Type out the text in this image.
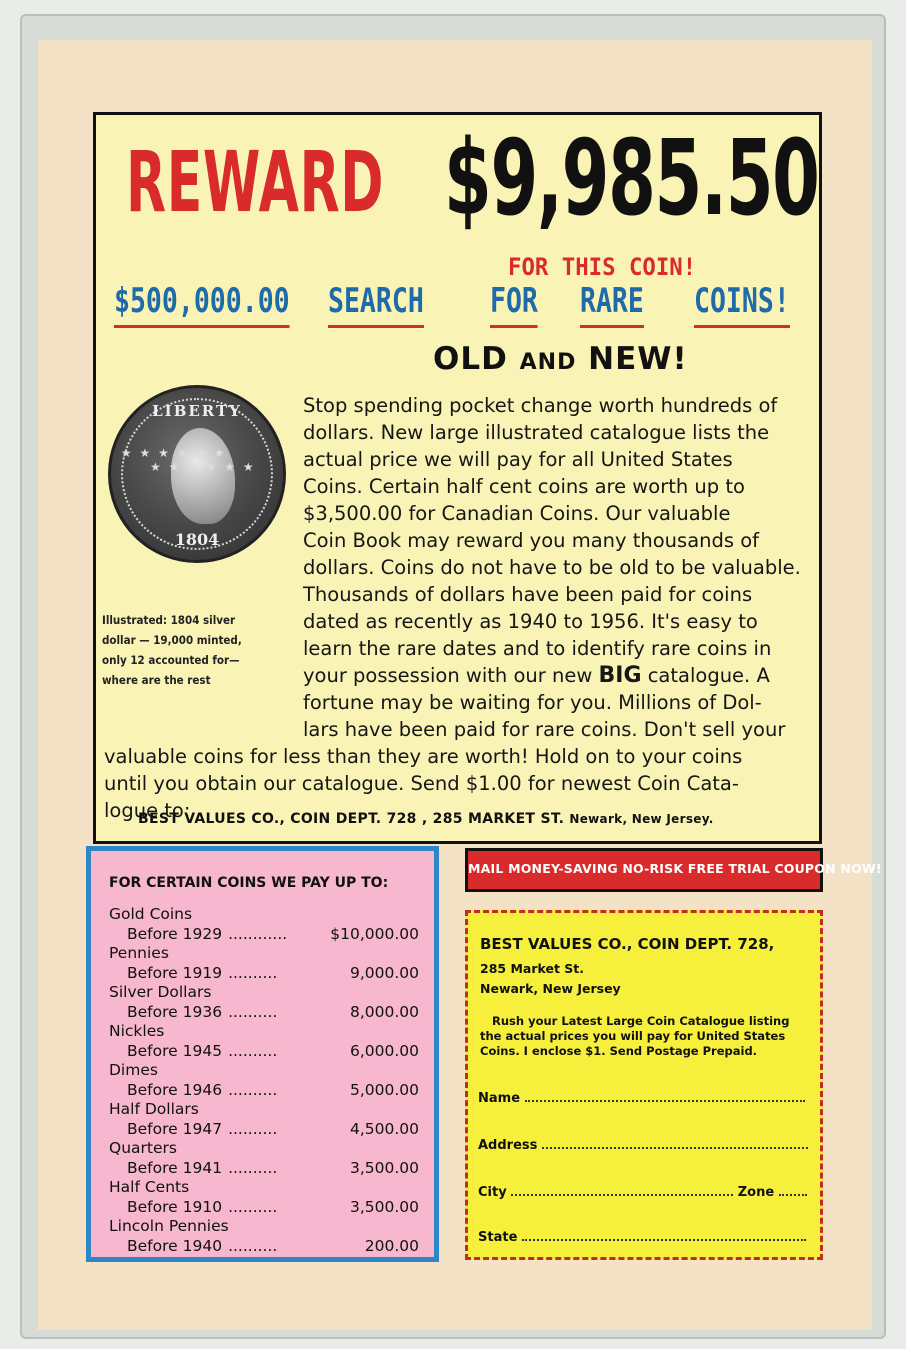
REWARD $9,985.50
FOR THIS COIN!
$500,000.00 SEARCH FOR RARE COINS!
OLD AND NEW!
LIBERTY
★ ★ ★ ★ ★ ★           ★ ★ ★ ★ ★ ★
1804
Illustrated: 1804 silver
dollar — 19,000 minted,
only 12 accounted for—
where are the rest
Stop spending pocket change worth hundreds of
dollars. New large illustrated catalogue lists the
actual price we will pay for all United States
Coins. Certain half cent coins are worth up to
$3,500.00 for Canadian Coins. Our valuable
Coin Book may reward you many thousands of
dollars. Coins do not have to be old to be valuable.
Thousands of dollars have been paid for coins
dated as recently as 1940 to 1956. It's easy to
learn the rare dates and to identify rare coins in
your possession with our new BIG catalogue. A
fortune may be waiting for you. Millions of Dol-
lars have been paid for rare coins. Don't sell your
valuable coins for less than they are worth! Hold on to your coins
until you obtain our catalogue. Send $1.00 for newest Coin Cata-
logue to:
BEST VALUES CO., COIN DEPT. 728 , 285 MARKET ST. Newark, New Jersey.
FOR CERTAIN COINS WE PAY UP TO:
Gold Coins
Before 1929 ............	$10,000.00
Pennies
Before 1919 ..........	9,000.00
Silver Dollars
Before 1936 ..........	8,000.00
Nickles
Before 1945 ..........	6,000.00
Dimes
Before 1946 ..........	5,000.00
Half Dollars
Before 1947 ..........	4,500.00
Quarters
Before 1941 ..........	3,500.00
Half Cents
Before 1910 ..........	3,500.00
Lincoln Pennies
Before 1940 ..........	200.00
MAIL MONEY-SAVING NO-RISK FREE TRIAL COUPON NOW!
BEST VALUES CO., COIN DEPT. 728,
285 Market St.
Newark, New Jersey
Rush your Latest Large Coin Catalogue listing
the actual prices you will pay for United States
Coins. I enclose $1. Send Postage Prepaid.
Name
Address
City	Zone
State
